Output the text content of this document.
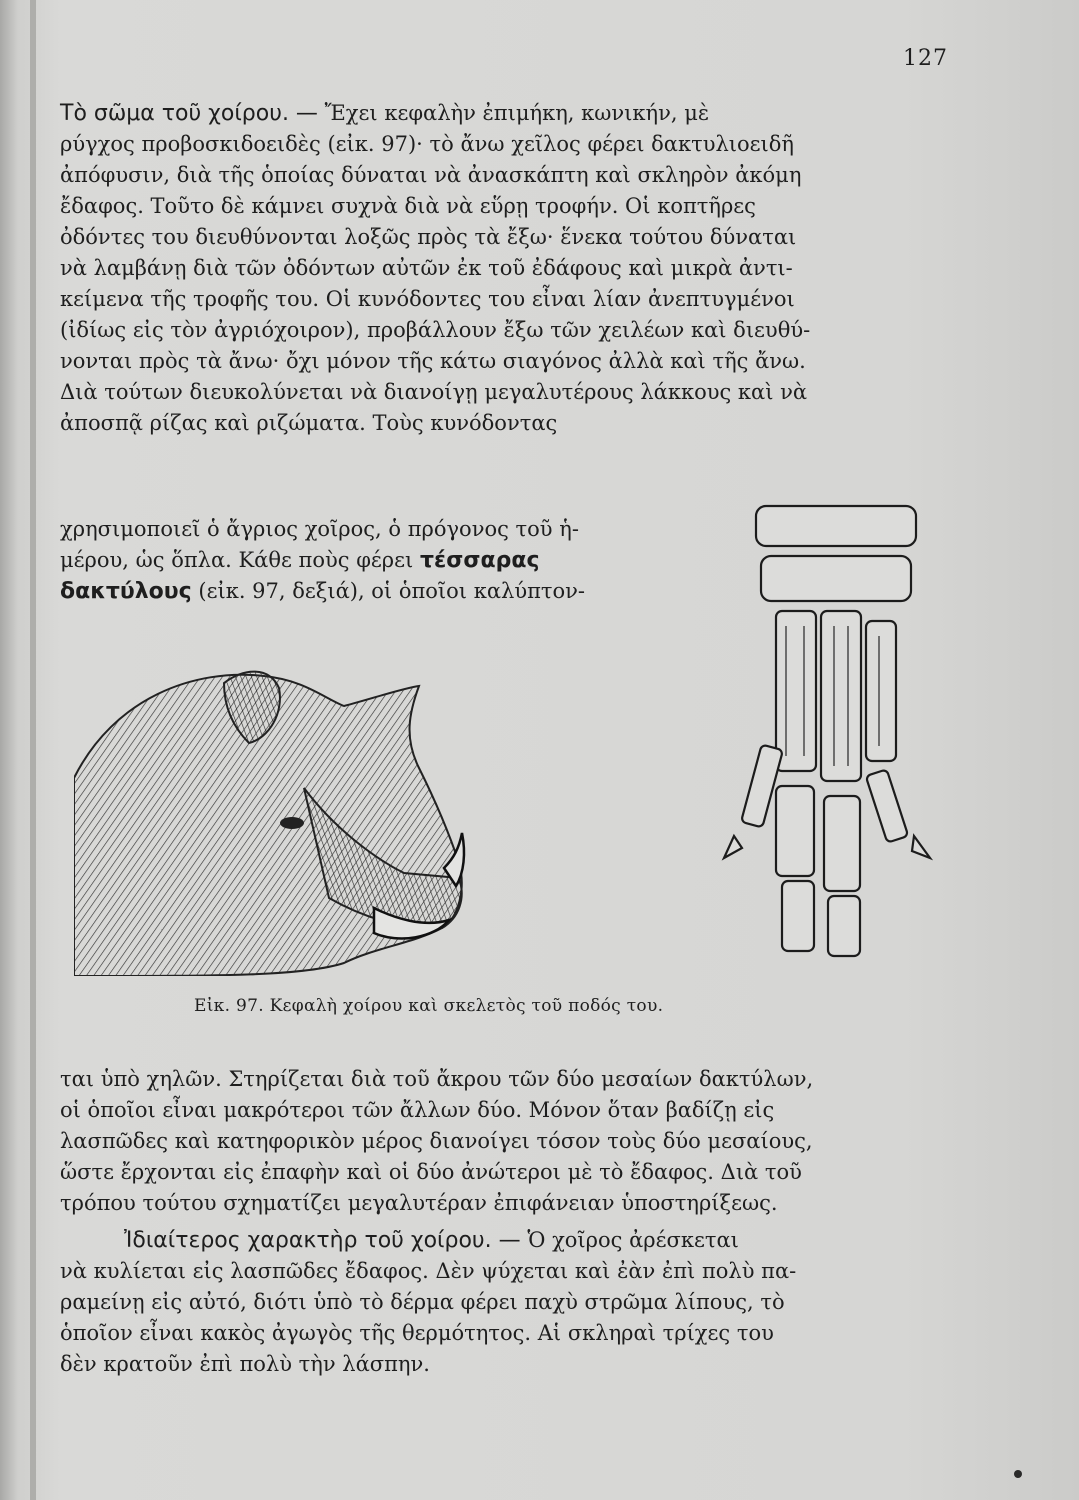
127

Τὸ σῶμα τοῦ χοίρου. — Ἔχει κεφαλὴν ἐπιμήκη, κωνικήν, μὲ

ρύγχος προβοσκιδοειδὲς (εἰκ. 97)· τὸ ἄνω χεῖλος φέρει δακτυλιοειδῆ

ἀπόφυσιν, διὰ τῆς ὁποίας δύναται νὰ ἀνασκάπτη καὶ σκληρὸν ἀκόμη

ἔδαφος. Τοῦτο δὲ κάμνει συχνὰ διὰ νὰ εὕρῃ τροφήν. Οἱ κοπτῆρες

ὀδόντες του διευθύνονται λοξῶς πρὸς τὰ ἔξω· ἕνεκα τούτου δύναται

νὰ λαμβάνῃ διὰ τῶν ὀδόντων αὐτῶν ἐκ τοῦ ἐδάφους καὶ μικρὰ ἀντι-

κείμενα τῆς τροφῆς του. Οἱ κυνόδοντες του εἶναι λίαν ἀνεπτυγμένοι

(ἰδίως εἰς τὸν ἀγριόχοιρον), προβάλλουν ἔξω τῶν χειλέων καὶ διευθύ-

νονται πρὸς τὰ ἄνω· ὄχι μόνον τῆς κάτω σιαγόνος ἀλλὰ καὶ τῆς ἄνω.

Διὰ τούτων διευκολύνεται νὰ διανοίγῃ μεγαλυτέρους λάκκους καὶ νὰ

ἀποσπᾷ ρίζας καὶ ριζώματα. Τοὺς κυνόδοντας

χρησιμοποιεῖ ὁ ἄγριος χοῖρος, ὁ πρόγονος τοῦ ἡ-

μέρου, ὡς ὅπλα. Κάθε ποὺς φέρει τέσσαρας

δακτύλους (εἰκ. 97, δεξιά), οἱ ὁποῖοι καλύπτον-

Εἰκ. 97. Κεφαλὴ χοίρου καὶ σκελετὸς τοῦ ποδός του.

ται ὑπὸ χηλῶν. Στηρίζεται διὰ τοῦ ἄκρου τῶν δύο μεσαίων δακτύλων,

οἱ ὁποῖοι εἶναι μακρότεροι τῶν ἄλλων δύο. Μόνον ὅταν βαδίζῃ εἰς

λασπῶδες καὶ κατηφορικὸν μέρος διανοίγει τόσον τοὺς δύο μεσαίους,

ὥστε ἔρχονται εἰς ἐπαφὴν καὶ οἱ δύο ἀνώτεροι μὲ τὸ ἔδαφος. Διὰ τοῦ

τρόπου τούτου σχηματίζει μεγαλυτέραν ἐπιφάνειαν ὑποστηρίξεως.

Ἰδιαίτερος χαρακτὴρ τοῦ χοίρου. — Ὁ χοῖρος ἀρέσκεται

νὰ κυλίεται εἰς λασπῶδες ἔδαφος. Δὲν ψύχεται καὶ ἐὰν ἐπὶ πολὺ πα-

ραμείνῃ εἰς αὐτό, διότι ὑπὸ τὸ δέρμα φέρει παχὺ στρῶμα λίπους, τὸ

ὁποῖον εἶναι κακὸς ἀγωγὸς τῆς θερμότητος. Αἱ σκληραὶ τρίχες του

δὲν κρατοῦν ἐπὶ πολὺ τὴν λάσπην.
